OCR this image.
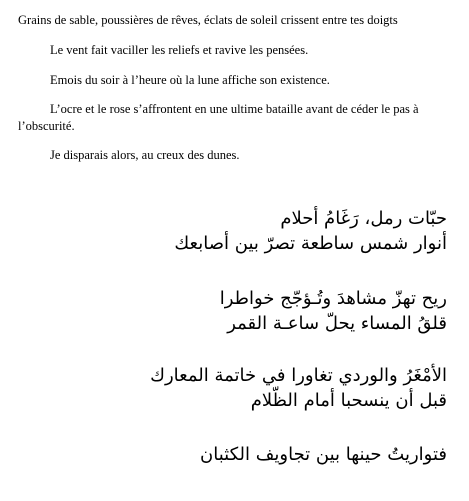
Grains de sable, poussières de rêves, éclats de soleil crissent entre tes doigts

Le vent fait vaciller les reliefs et ravive les pensées.

Emois du soir à l’heure où la lune affiche son existence.

L’ocre et le rose s’affrontent en une ultime bataille avant de céder le pas à l’obscurité.

Je disparais alors, au creux des dunes.

حبّات رمل، رَغَامُ أحلام
أنوار شمس ساطعة تصرّ بين أصابعك

ريح تهزّ مشاهدَ وتُـؤجّج خواطرا
قلقُ المساء يحلّ ساعـة القمر

الأمْغَرُ والوردي تغاورا في خاتمة المعارك
قبل أن ينسحبا أمام الظّلام

فتواريتُ حينها بين تجاويف الكثبان
